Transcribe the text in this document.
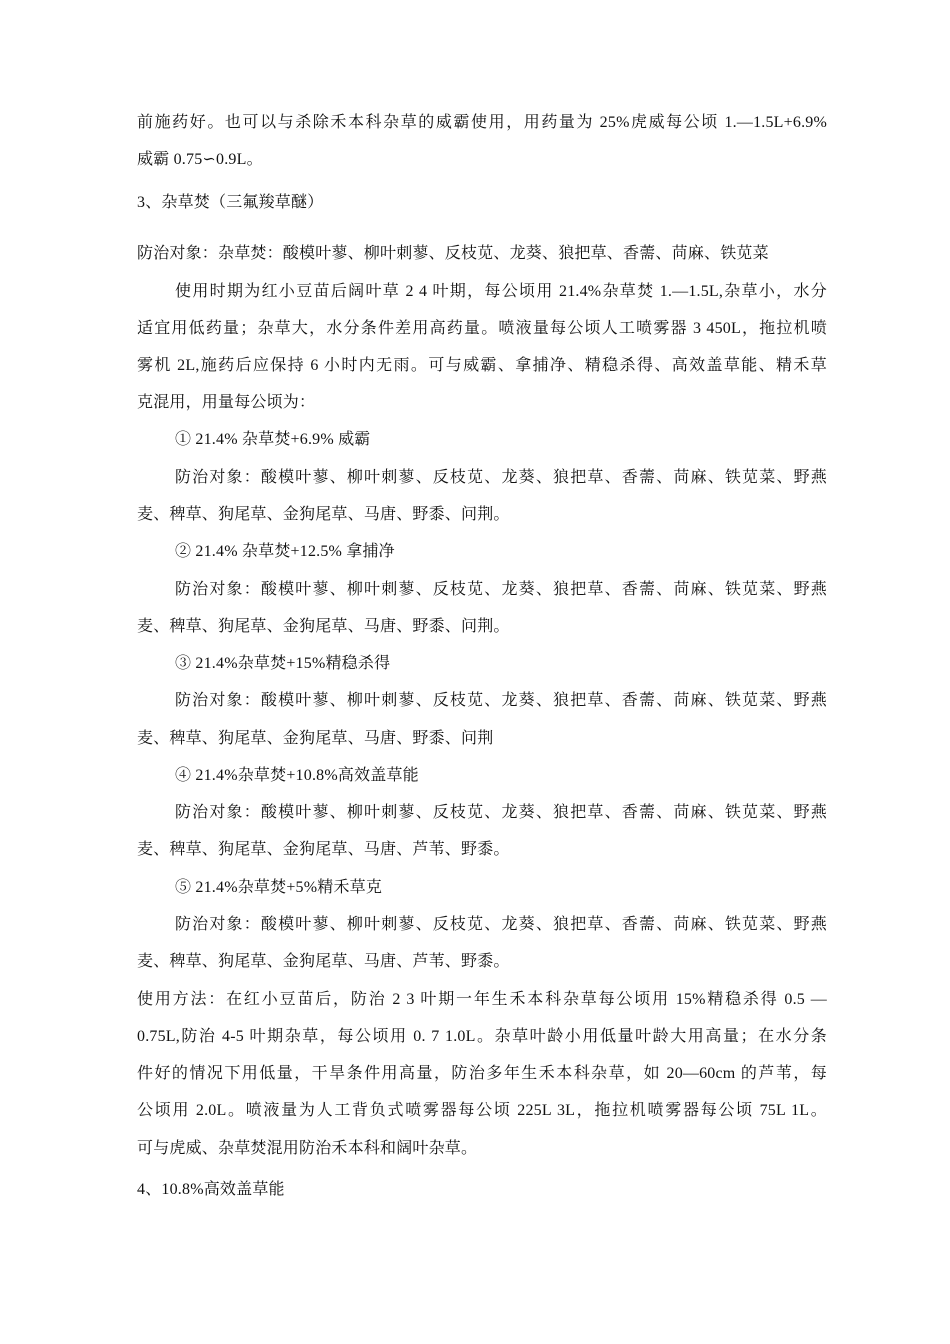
前施药好。也可以与杀除禾本科杂草的威霸使用，用药量为 25%虎威每公顷 1.—1.5L+6.9%
威霸 0.75∽0.9L。
3、杂草焚（三氟羧草醚）
防治对象：杂草焚：酸模叶蓼、柳叶刺蓼、反枝苋、龙葵、狼把草、香薷、苘麻、铁苋菜
使用时期为红小豆苗后阔叶草 2 4 叶期，每公顷用 21.4%杂草焚 1.—1.5L,杂草小，水分
适宜用低药量；杂草大，水分条件差用高药量。喷液量每公顷人工喷雾器 3 450L，拖拉机喷
雾机 2L,施药后应保持 6 小时内无雨。可与威霸、拿捕净、精稳杀得、高效盖草能、精禾草
克混用，用量每公顷为：
① 21.4% 杂草焚+6.9% 威霸
防治对象：酸模叶蓼、柳叶刺蓼、反枝苋、龙葵、狼把草、香薷、苘麻、铁苋菜、野燕
麦、稗草、狗尾草、金狗尾草、马唐、野黍、问荆。
② 21.4% 杂草焚+12.5% 拿捕净
防治对象：酸模叶蓼、柳叶刺蓼、反枝苋、龙葵、狼把草、香薷、苘麻、铁苋菜、野燕
麦、稗草、狗尾草、金狗尾草、马唐、野黍、问荆。
③ 21.4%杂草焚+15%精稳杀得
防治对象：酸模叶蓼、柳叶刺蓼、反枝苋、龙葵、狼把草、香薷、苘麻、铁苋菜、野燕
麦、稗草、狗尾草、金狗尾草、马唐、野黍、问荆
④ 21.4%杂草焚+10.8%高效盖草能
防治对象：酸模叶蓼、柳叶刺蓼、反枝苋、龙葵、狼把草、香薷、苘麻、铁苋菜、野燕
麦、稗草、狗尾草、金狗尾草、马唐、芦苇、野黍。
⑤ 21.4%杂草焚+5%精禾草克
防治对象：酸模叶蓼、柳叶刺蓼、反枝苋、龙葵、狼把草、香薷、苘麻、铁苋菜、野燕
麦、稗草、狗尾草、金狗尾草、马唐、芦苇、野黍。
使用方法：在红小豆苗后，防治 2 3 叶期一年生禾本科杂草每公顷用 15%精稳杀得 0.5 —
0.75L,防治 4-5 叶期杂草，每公顷用 0. 7 1.0L。杂草叶龄小用低量叶龄大用高量；在水分条
件好的情况下用低量，干旱条件用高量，防治多年生禾本科杂草，如 20—60cm 的芦苇，每
公顷用 2.0L。喷液量为人工背负式喷雾器每公顷 225L 3L，拖拉机喷雾器每公顷 75L 1L。
可与虎威、杂草焚混用防治禾本科和阔叶杂草。
4、10.8%高效盖草能
